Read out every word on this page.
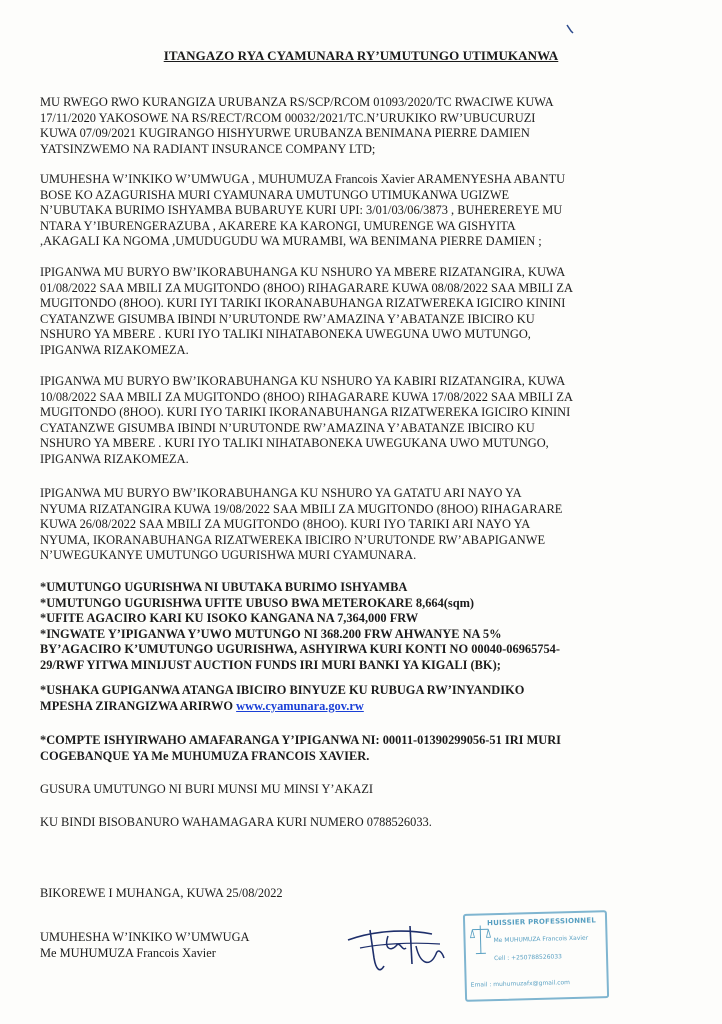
ITANGAZO RYA CYAMUNARA RY’UMUTUNGO UTIMUKANWA
MU RWEGO RWO KURANGIZA URUBANZA RS/SCP/RCOM 01093/2020/TC RWACIWE KUWA
17/11/2020 YAKOSOWE NA RS/RECT/RCOM 00032/2021/TC.N’URUKIKO RW’UBUCURUZI
KUWA 07/09/2021 KUGIRANGO HISHYURWE URUBANZA BENIMANA PIERRE DAMIEN
YATSINZWEMO NA RADIANT INSURANCE COMPANY LTD;
UMUHESHA W’INKIKO W’UMWUGA , MUHUMUZA Francois Xavier ARAMENYESHA ABANTU
BOSE KO AZAGURISHA MURI CYAMUNARA UMUTUNGO UTIMUKANWA UGIZWE
N’UBUTAKA BURIMO ISHYAMBA BUBARUYE KURI UPI: 3/01/03/06/3873 , BUHEREREYE MU
NTARA Y’IBURENGERAZUBA , AKARERE KA KARONGI, UMURENGE WA GISHYITA
,AKAGALI KA NGOMA ,UMUDUGUDU WA MURAMBI, WA BENIMANA PIERRE DAMIEN ;
IPIGANWA MU BURYO BW’IKORABUHANGA KU NSHURO YA MBERE RIZATANGIRA, KUWA
01/08/2022 SAA MBILI ZA MUGITONDO (8HOO) RIHAGARARE KUWA 08/08/2022 SAA MBILI ZA
MUGITONDO (8HOO). KURI IYI TARIKI IKORANABUHANGA RIZATWEREKA IGICIRO KININI
CYATANZWE GISUMBA IBINDI N’URUTONDE RW’AMAZINA Y’ABATANZE IBICIRO KU
NSHURO YA MBERE . KURI IYO TALIKI NIHATABONEKA UWEGUNA UWO MUTUNGO,
IPIGANWA RIZAKOMEZA.
IPIGANWA MU BURYO BW’IKORABUHANGA KU NSHURO YA KABIRI RIZATANGIRA, KUWA
10/08/2022 SAA MBILI ZA MUGITONDO (8HOO) RIHAGARARE KUWA 17/08/2022 SAA MBILI ZA
MUGITONDO (8HOO). KURI IYO TARIKI IKORANABUHANGA RIZATWEREKA IGICIRO KININI
CYATANZWE GISUMBA IBINDI N’URUTONDE RW’AMAZINA Y’ABATANZE IBICIRO KU
NSHURO YA MBERE . KURI IYO TALIKI NIHATABONEKA UWEGUKANA UWO MUTUNGO,
IPIGANWA RIZAKOMEZA.
IPIGANWA MU BURYO BW’IKORABUHANGA KU NSHURO YA GATATU ARI NAYO YA
NYUMA RIZATANGIRA KUWA 19/08/2022 SAA MBILI ZA MUGITONDO (8HOO) RIHAGARARE
KUWA 26/08/2022 SAA MBILI ZA MUGITONDO (8HOO). KURI IYO TARIKI ARI NAYO YA
NYUMA, IKORANABUHANGA RIZATWEREKA IBICIRO N’URUTONDE RW’ABAPIGANWE
N’UWEGUKANYE UMUTUNGO UGURISHWA MURI CYAMUNARA.
*UMUTUNGO UGURISHWA NI UBUTAKA BURIMO ISHYAMBA
*UMUTUNGO UGURISHWA UFITE UBUSO BWA METEROKARE 8,664(sqm)
*UFITE AGACIRO KARI KU ISOKO KANGANA NA 7,364,000 FRW
*INGWATE Y’IPIGANWA Y’UWO MUTUNGO NI 368.200 FRW AHWANYE NA 5%
BY’AGACIRO K’UMUTUNGO UGURISHWA, ASHYIRWA KURI KONTI NO 00040-06965754-
29/RWF YITWA MINIJUST AUCTION FUNDS IRI MURI BANKI YA KIGALI (BK);
*USHAKA GUPIGANWA ATANGA IBICIRO BINYUZE KU RUBUGA RW’INYANDIKO
MPESHA ZIRANGIZWA ARIRWO www.cyamunara.gov.rw
*COMPTE ISHYIRWAHO AMAFARANGA Y’IPIGANWA NI: 00011-01390299056-51 IRI MURI
COGEBANQUE YA Me MUHUMUZA FRANCOIS XAVIER.
GUSURA UMUTUNGO NI BURI MUNSI MU MINSI Y’AKAZI
KU BINDI BISOBANURO WAHAMAGARA KURI NUMERO 0788526033.
BIKOREWE I MUHANGA, KUWA 25/08/2022
UMUHESHA W’INKIKO W’UMWUGA
Me MUHUMUZA Francois Xavier
HUISSIER PROFESSIONNEL
Me MUHUMUZA Francois Xavier
Cell : +250788526033
Email : muhumuzafx@gmail.com
